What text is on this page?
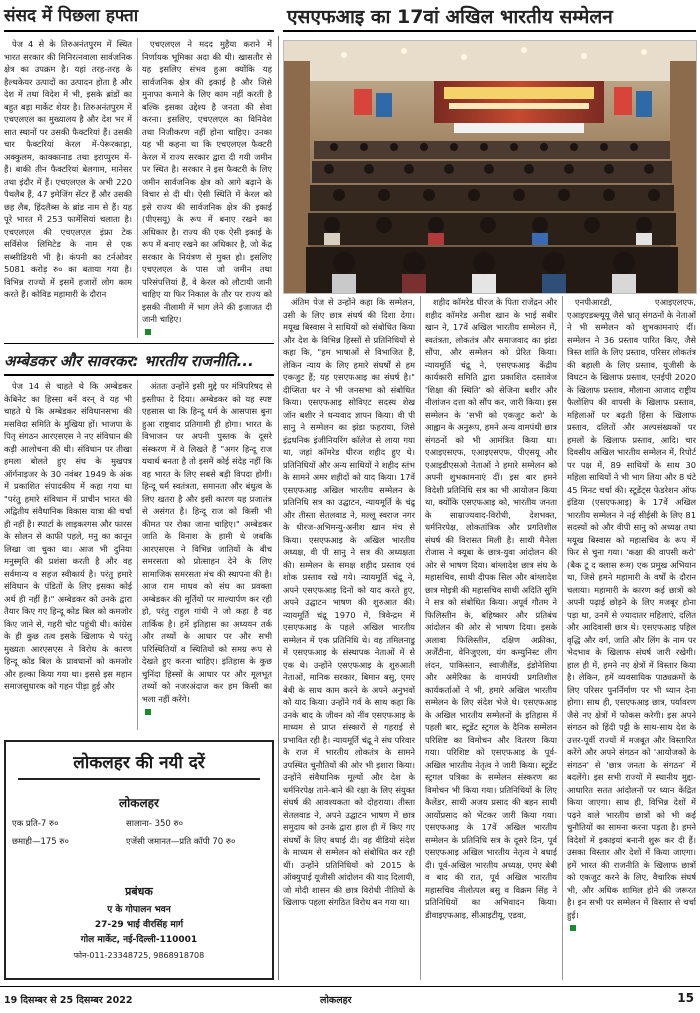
संसद में पिछला हफ्ता	एसएफआइ का 17वां अखिल भारतीय सम्मेलन

पेज 4 से के तिरुअनंतपुरम में स्थित भारत सरकार की मिनिरत्नवाला सार्वजनिक क्षेत्र का उपक्रम है। यहां तरह-तरह के हैल्थकेयर उत्पादों का उत्पादन होता है और देश में तथा विदेश में भी, इसके ब्रांडों का बहुत बड़ा मार्केट शेयर है। तिरुअनंतपुरम में एचएलएल का मुख्यालय है और देश भर में सात स्थानों पर उसकी फैक्टरियां हैं। उसकी चार फैक्टरियां केरल में-पेरूरकाड़ा, अक्कुलम, काक्कानाड तथा इराप्पुरम में- हैं। बाकी तीन फैक्टरियां बेलगाम, मानेसर तथा इंदौर में हैं। एचएलएल के अभी 220 पैथलैब हैं, 47 इमेजिंग सेंटर हैं और उसकी छह लैब, हिंदलैब्स के ब्रांड नाम से हैं। यह पूरे भारत में 253 फार्मेसियां चलाता है। एचएलएल की एचएलएल इंफ्रा टेक सर्विसेज लिमिटेड के नाम से एक सब्सीडियरी भी है। कंपनी का टर्नओवर 5081 करोड़ रु० का बताया गया है। विभिन्न राज्यों में इसमें हजारों लोग काम करते हैं। कोविड महामारी के दौरान

एचएलएल ने मदद मुहैया कराने में निर्णायक भूमिका अदा की थी। खासतौर से यह इसलिए संभव हुआ क्योंकि यह सार्वजनिक क्षेत्र की इकाई है और जिसे मुनाफा कमाने के लिए काम नहीं करती है बल्कि इसका उद्देश्य है जनता की सेवा करना। इसलिए, एचएलएल का विनिवेश तथा निजीकरण नहीं होना चाहिए। उनका यह भी कहना था कि एचएलएल फैक्टरी केरल में राज्य सरकार द्वारा दी गयी जमीन पर स्थित है। सरकार ने इस फैक्टरी के लिए जमीन सार्वजनिक क्षेत्र को आगे बढ़ाने के विचार से दी थी। ऐसी स्थिति में केरल को इसे राज्य की सार्वजनिक क्षेत्र की इकाई (पीएसयू) के रूप में बनाए रखने का अधिकार है। राज्य की एक ऐसी इकाई के रूप में बनाए रखने का अधिकार है, जो केंद्र सरकार के नियंत्रण से मुक्त हो। इसलिए एचएलएल के पास जो जमीन तथा परिसंपत्तियां हैं, वे केरल को लौटायी जानी चाहिए या फिर निकाल के तौर पर राज्य को इसकी नीलामी में भाग लेने की इजाजत दी जानी चाहिए।

अम्बेडकर और सावरकर: भारतीय राजनीति...

पेज 14 से चाहते थे कि अम्बेडकर केबिनेट का हिस्सा बनें वरन् वे यह भी चाहते थे कि अम्बेडकर संविधानसभा की मसविदा समिति के मुखिया हों। भाजपा के पितृ संगठन आरएसएस ने नए संविधान की कड़ी आलोचना की थी। संविधान पर तीखा हमला बोलते हुए संघ के मुखपत्र ऑर्गनाइजर के 30 नवंबर 1949 के अंक में प्रकाशित संपादकीय में कहा गया था "परंतु हमारे संविधान में प्राचीन भारत की अद्वितीय संवैधानिक विकास यात्रा की चर्चा ही नहीं है। स्पार्टा के लाइकरगस और फारस के सोलन से काफी पहले, मनु का कानून लिखा जा चुका था। आज भी दुनिया मनुस्मृति की प्रशंसा करती है और वह सर्वमान्य व सहज स्वीकार्य है। परंतु हमारे संविधान के पंडितों के लिए इसका कोई अर्थ ही नहीं है।" अम्बेडकर को उनके द्वारा तैयार किए गए हिन्दू कोड बिल को कमजोर किए जाने से, गहरी चोट पहुंची थी। कांग्रेस के ही कुछ तत्व इसके खिलाफ थे परंतु मुख्यतः आरएसएस ने विरोध के कारण हिन्दू कोड बिल के प्रावधानों को कमजोर और हल्का किया गया था। इससे इस महान समाजसुधारक को गहन पीड़ा हुई और

अंततः उन्होंने इसी मुद्दे पर मंत्रिपरिषद से इस्तीफा दे दिया। अम्बेडकर को यह स्पष्ट एहसास था कि हिन्दू धर्म के आसपास बुना हुआ राष्ट्रवाद प्रतिगामी ही होगा। भारत के विभाजन पर अपनी पुस्तक के दूसरे संस्करण में वे लिखते हैं "अगर हिन्दू राज यथार्थ बनता है तो इसमें कोई संदेह नहीं कि वह भारत के लिए सबसे बड़ी विपदा होगी। हिन्दू धर्म स्वतंत्रता, समानता और बंधुत्व के लिए खतरा है और इसी कारण यह प्रजातंत्र से असंगत है। हिन्दू राज को किसी भी कीमत पर रोका जाना चाहिए।" अम्बेडकर जाति के विनाश के हामी थे जबकि आरएसएस ने विभिन्न जातियों के बीच समरसता को प्रोत्साहन देने के लिए सामाजिक समरसता मंच की स्थापना की है। आज राम माधव को संघ का प्रवक्ता अम्बेडकर की मूर्तियों पर माल्यार्पण कर रही हो, परंतु राहुल गांधी ने जो कहा है वह तार्किक है। हमें इतिहास का अध्ययन तर्क और तथ्यों के आधार पर और सभी परिस्थितियों व स्थितियों को समग्र रूप से देखते हुए करना चाहिए। इतिहास के कुछ चुनिंदा हिस्सों के आधार पर और मूलभूत तथ्यों को नजरअंदाज कर हम किसी का भला नहीं करेंगे।

लोकलहर की नयी दरें
लोकलहर
एक प्रति-7 रु०	सालाना- 350 रु०
छमाही—175 रु०	एजेंसी जमानत—प्रति कॉपी 70 रु०
प्रबंधक
ए के गोपालन भवन
27-29 भाई वीरसिंह मार्ग
गोल मार्केट, नई-दिल्ली-110001
फोन-011-23348725, 9868918708

अंतिम पेज से उन्होंने कहा कि सम्मेलन, उसी के लिए छात्र संघर्ष की दिशा देगा। मयूख बिस्वास ने साथियों को संबोधित किया और देश के विभिन्न हिस्सों से प्रतिनिधियों से कहा कि, "हम भाषाओं से विभाजित हैं, लेकिन न्याय के लिए हमारे संघर्षों से हम एकजुट हैं; यह एसएफआइ का संघर्ष है।" दीप्सिता धर ने भी जनसभा को संबोधित किया। एसएफआइ सोविएट सदस्य शेख जॉन बशीर ने धन्यवाद ज्ञापन किया। वी पी सानु ने सम्मेलन का झंडा फहराया, जिसे इंद्रधनिक इंजीनियरिंग कॉलेज से लाया गया था, जहां कॉमरेड धीरज शहीद हुए थे। प्रतिनिधियों और अन्य साथियों ने शहीद स्तंभ के सामने अमर शहीदों को याद किया। 17वें एसएफआइ अखिल भारतीय सम्मेलन के प्रतिनिधि सत्र का उद्घाटन, न्यायमूर्ति के चंद्रू और तीस्ता सेतलवाड ने, मल्लू स्वराज नगर के धीरज-अभिमन्यु-अनीश खान मंच से किया। एसएफआइ के अखिल भारतीय अध्यक्ष, वी पी सानु ने सत्र की अध्यक्षता की। सम्मेलन के समक्ष शहीद प्रस्ताव एवं शोक प्रस्ताव रखे गये। न्यायमूर्ति चंद्रू ने, अपने एसएफआइ दिनों को याद करते हुए, अपने उद्घाटन भाषण की शुरुआत की। न्यायमूर्ति चंद्रू 1970 में, त्रिवेन्द्रम में एसएफआइ के पहले अखिल भारतीय सम्मेलन में एक प्रतिनिधि थे। वह तमिलनाडु में एसएफआइ के संस्थापक नेताओं में से एक थे। उन्होंने एसएफआइ के शुरुआती नेताओं, मानिक सरकार, बिमान बसु, एमए बेबी के साथ काम करने के अपने अनुभवों को याद किया। उन्होंने गर्व के साथ कहा कि उनके बाद के जीवन को नींव एसएफआइ के माध्यम से प्राप्त संस्कारों से गहराई से प्रभावित रही है। न्यायमूर्ति चंद्रू ने संघ परिवार के राज में भारतीय लोकतंत्र के सामने उपस्थित चुनौतियों की ओर भी इशारा किया। उन्होंने संवैधानिक मूल्यों और देश के धर्मनिरपेक्ष ताने-बाने की रक्षा के लिए संयुक्त संघर्ष की आवश्यकता को दोहराया। तीस्ता सेतलवाड ने, अपने उद्घाटन भाषण में छात्र समुदाय को उनके द्वारा हाल ही में किए गए संघर्षों के लिए बधाई दी। वह वीडियो संदेश के माध्यम से सम्मेलन को संबोधित कर रही थीं। उन्होंने प्रतिनिधियों को 2015 के ऑक्युपाई यूजीसी आंदोलन की याद दिलायी, जो मोदी शासन की छात्र विरोधी नीतियों के खिलाफ पहला संगठित विरोध बन गया था।

शहीद कॉमरेड धीरज के पिता राजेंद्रन और शहीद कॉमरेड अनीश खान के भाई सबीर खान ने, 17वें अखिल भारतीय सम्मेलन में, स्वतंत्रता, लोकतंत्र और समाजवाद का झंडा सौंपा, और सम्मेलन को प्रेरित किया। न्यायमूर्ति चंद्रू ने, एसएफआइ केंद्रीय कार्यकारी समिति द्वारा प्रकाशित दस्तावेज 'शिक्षा की स्थिति' को सेजिना बशीर और नीलांजन दत्ता को सौंप कर, जारी किया। इस सम्मेलन के 'सभी को एकजुट करो' के आह्वान के अनुरूप, हमने अन्य वामपंथी छात्र संगठनों को भी आमंत्रित किया था। एआइएसएफ, एआइएसएफ, पीएसयू और एआइडीएसओ नेताओं ने हमारे सम्मेलन को अपनी शुभकामनाएं दीं। इस बार हमने विदेशी प्रतिनिधि सत्र का भी आयोजन किया था, क्योंकि एसएफआइ को, भारतीय जनता के साम्राज्यवाद-विरोधी, देशभक्त, धर्मनिरपेक्ष, लोकतांत्रिक और प्रगतिशील संघर्ष की विरासत मिली है। साथी मैनेला रोजास ने क्यूबा के छात्र-युवा आंदोलन की ओर से भाषण दिया। बांग्लादेश छात्र संघ के महासचिव, साथी दीपक सिल और बांग्लादेश छात्र मोइत्री की महासचिव साथी अदिति सुमि ने सत्र को संबोधित किया। अपूर्व गौतम ने फिलिस्तीन के, बहिष्कार और प्रतिबंध आंदोलन की ओर से भाषण दिया। इसके अलावा फिलिस्तीन, दक्षिण अफ्रीका, अर्जेंटीना, वेनिजुएला, यंग कम्युनिस्ट लीग लंदन, पाकिस्तान, स्वाजीलैंड, इंडोनेशिया और अमेरिका के वामपंथी प्रगतिशील कार्यकर्ताओं ने भी, हमारे अखिल भारतीय सम्मेलन के लिए संदेश भेजे थे। एसएफआइ के अखिल भारतीय सम्मेलनों के इतिहास में पहली बार, स्टूडेंट स्ट्रगल के दैनिक सम्मेलन परिशिष्ट का विमोचन और वितरण किया गया। परिशिष्ट को एसएफआइ के पूर्व-अखिल भारतीय नेतृत्व ने जारी किया। स्टूडेंट स्ट्रगल पत्रिका के सम्मेलन संस्करण का विमोचन भी किया गया। प्रतिनिधियों के लिए कैलेंडर, साथी अजय प्रसाद की बहन साथी आर्योप्रसाद को भेंटकर जारी किया गया। एसएफआइ के 17वें अखिल भारतीय सम्मेलन के प्रतिनिधि सत्र के दूसरे दिन, पूर्व एसएफआइ अखिल भारतीय नेतृत्व ने बधाई दी। पूर्व-अखिल भारतीय अध्यक्ष, एमए बेबी व बाद की रात, पूर्व अखिल भारतीय महासचिव नीलोत्पल बसु व विक्रम सिंह ने प्रतिनिधियों का अभिवादन किया। डीवाइएफआइ, सीआइटीयू, एडवा,

एनपीआरडी, एआइएलएफ, एआइएडब्ल्यूयू जैसे भ्रातृ संगठनों के नेताओं ने भी सम्मेलन को शुभकामनाएं दीं। सम्मेलन ने 36 प्रस्ताव पारित किए, जैसे त्रिस्त शांति के लिए प्रस्ताव, परिसर लोकतंत्र की बहाली के लिए प्रस्ताव, यूजीसी के विघटन के खिलाफ प्रस्ताव, एनईपी 2020 के खिलाफ प्रस्ताव, मौलाना आजाद राष्ट्रीय फैलोशिप की वापसी के खिलाफ प्रस्ताव, महिलाओं पर बढ़ती हिंसा के खिलाफ प्रस्ताव, दलितों और अल्पसंख्यकों पर हमलों के खिलाफ प्रस्ताव, आदि। चार दिवसीय अखिल भारतीय सम्मेलन में, रिपोर्ट पर पक्ष में, 89 साथियों के साथ 30 महिला साथियों ने भी भाग लिया और 8 घंटे 45 मिनट चर्चा की। स्टूडेंट्स फेडरेशन ऑफ इंडिया (एसएफआइ) के 17वें अखिल भारतीय सम्मेलन ने नई सीईसी के लिए 81 सदस्यों को और वीपी सानु को अध्यक्ष तथा मयूख बिस्वास को महासचिव के रूप में फिर से चुना गया। 'कक्षा की वापसी करो' (बैक टू द क्लास रूम) एक प्रमुख अभियान था, जिसे हमने महामारी के वर्षों के दौरान चलाया। महामारी के कारण कई छात्रों को अपनी पढ़ाई छोड़ने के लिए मजबूर होना पड़ा था, उनमें से ज्यादातर महिलाएं, दलित और आदिवासी छात्र थे। एसएफआइ पहिल वृद्धि और वर्ग, जाति और लिंग के नाम पर भेदभाव के खिलाफ संघर्ष जारी रखेगी। हाल ही में, हमने नए क्षेत्रों में विस्तार किया है। लेकिन, हमें व्यवसायिक पाठ्यक्रमों के लिए परिसर पुनर्निर्माण पर भी ध्यान देना होगा। साथ ही, एसएफआइ छात्र, पर्यावरण जैसे नए क्षेत्रों में फोकस करेगी। इस अपने संगठन को हिंदी पट्टी के साथ-साथ देश के उत्तर-पूर्वी राज्यों में मजबूत और विस्तारित करेंगे और अपने संगठन को 'आयोजकों के संगठन' से 'छात्र जनता के संगठन' में बदलेंगे। इस सभी राज्यों में स्थानीय मुद्दा-आधारित सतत आंदोलनों पर ध्यान केंद्रित किया जाएगा। साथ ही, विभिन्न देशों में पढ़ने वाले भारतीय छात्रों को भी कई चुनौतियों का सामना करना पड़ता है। हमने विदेशों में इकाइयां बनानी शुरू कर दी हैं। उसका विस्तार और देशों में किया जाएगा। हमें भारत की राजनीति के खिलाफ छात्रों को एकजुट करने के लिए, वैचारिक संघर्ष भी, और अधिक शामिल होने की जरूरत है। इन सभी पर सम्मेलन में विस्तार से चर्चा हुई।

19 दिसम्बर से 25 दिसम्बर 2022	लोकलहर	15
